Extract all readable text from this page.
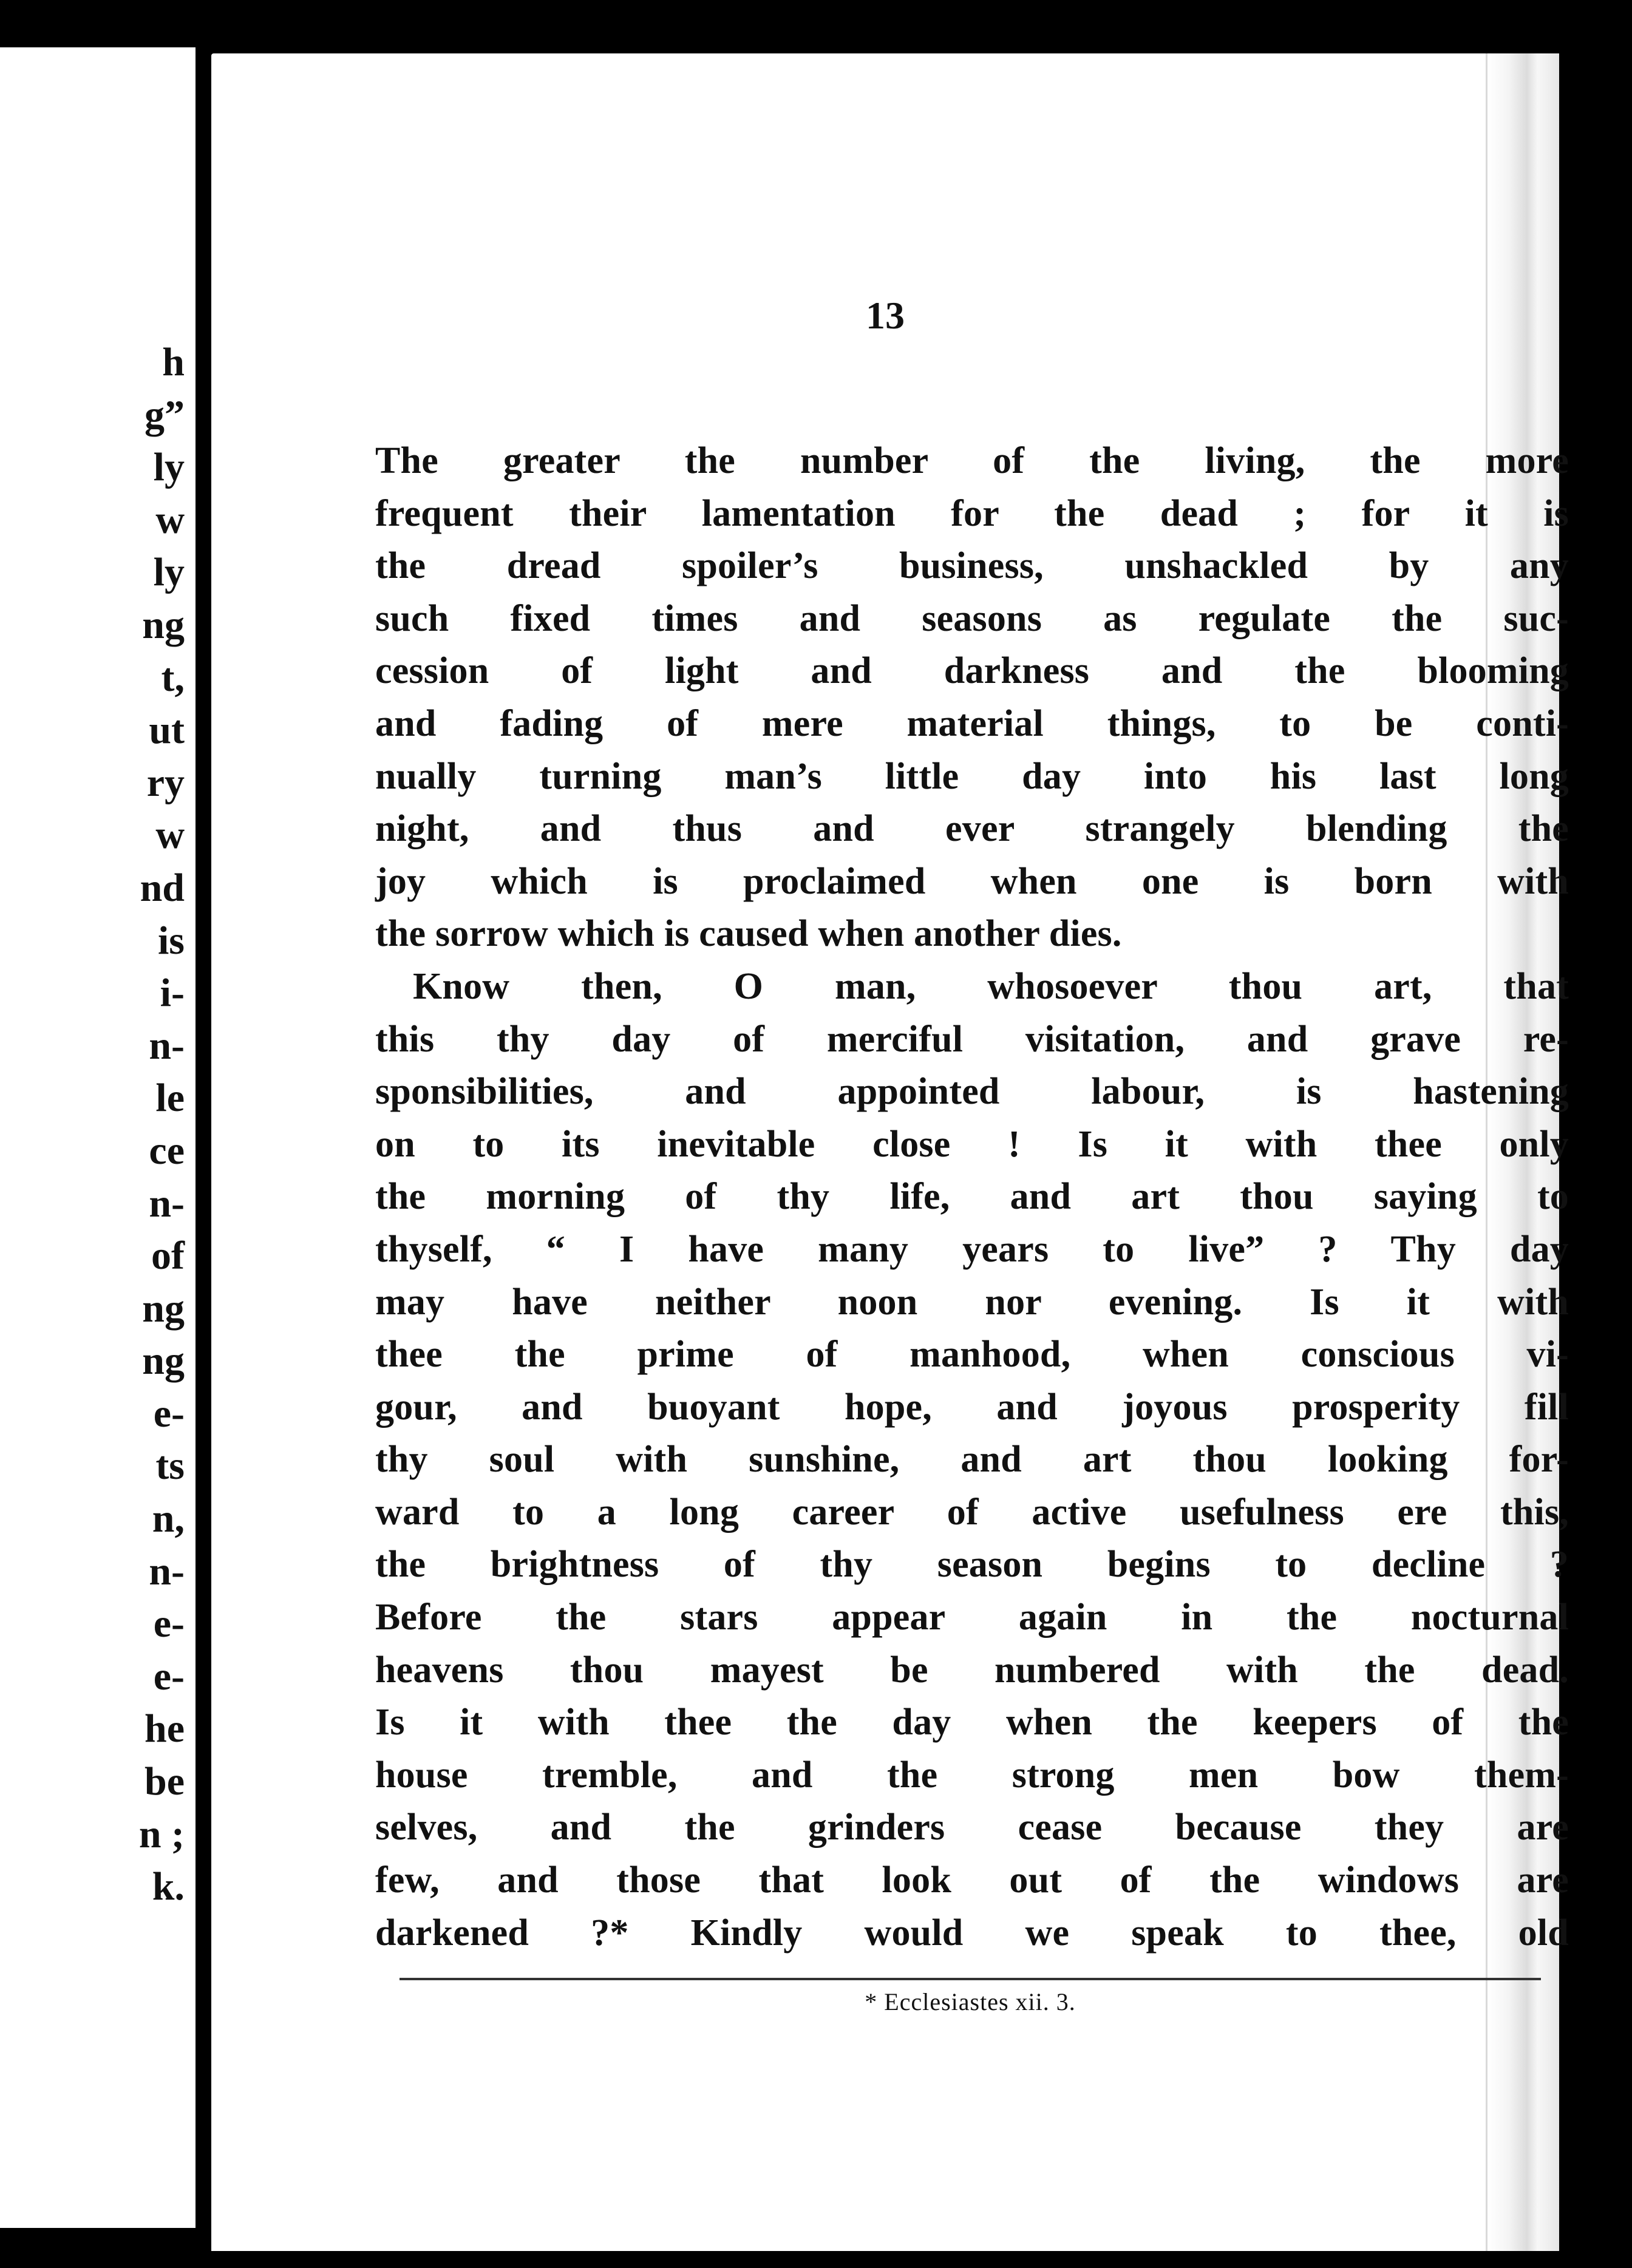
h
g”
ly
w
ly
ng
t,
ut
ry
w
nd
is
i-
n-
le
ce
n-
of
ng
ng
e-
ts
n,
n-
e-
e-
he
be
n ;
k.
13
The greater the number of the living, the more
frequent their lamentation for the dead ; for it is
the dread spoiler’s business, unshackled by any
such fixed times and seasons as regulate the suc-
cession of light and darkness and the blooming
and fading of mere material things, to be conti-
nually turning man’s little day into his last long
night, and thus and ever strangely blending the
joy which is proclaimed when one is born with
the sorrow which is caused when another dies.
Know then, O man, whosoever thou art, that
this thy day of merciful visitation, and grave re-
sponsibilities, and appointed labour, is hastening
on to its inevitable close ! Is it with thee only
the morning of thy life, and art thou saying to
thyself, “ I have many years to live” ? Thy day
may have neither noon nor evening. Is it with
thee the prime of manhood, when conscious vi-
gour, and buoyant hope, and joyous prosperity fill
thy soul with sunshine, and art thou looking for-
ward to a long career of active usefulness ere this,
the brightness of thy season begins to decline ?
Before the stars appear again in the nocturnal
heavens thou mayest be numbered with the dead.
Is it with thee the day when the keepers of the
house tremble, and the strong men bow them-
selves, and the grinders cease because they are
few, and those that look out of the windows are
darkened ?* Kindly would we speak to thee, old
* Ecclesiastes xii. 3.
